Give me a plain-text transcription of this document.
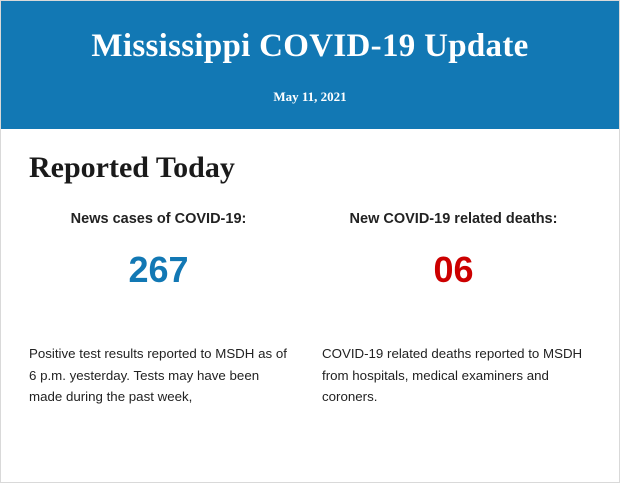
Mississippi COVID-19 Update
May 11, 2021
Reported Today
News cases of COVID-19:
267
Positive test results reported to MSDH as of 6 p.m. yesterday. Tests may have been made during the past week,
New COVID-19 related deaths:
06
COVID-19 related deaths reported to MSDH from hospitals, medical examiners and coroners.
